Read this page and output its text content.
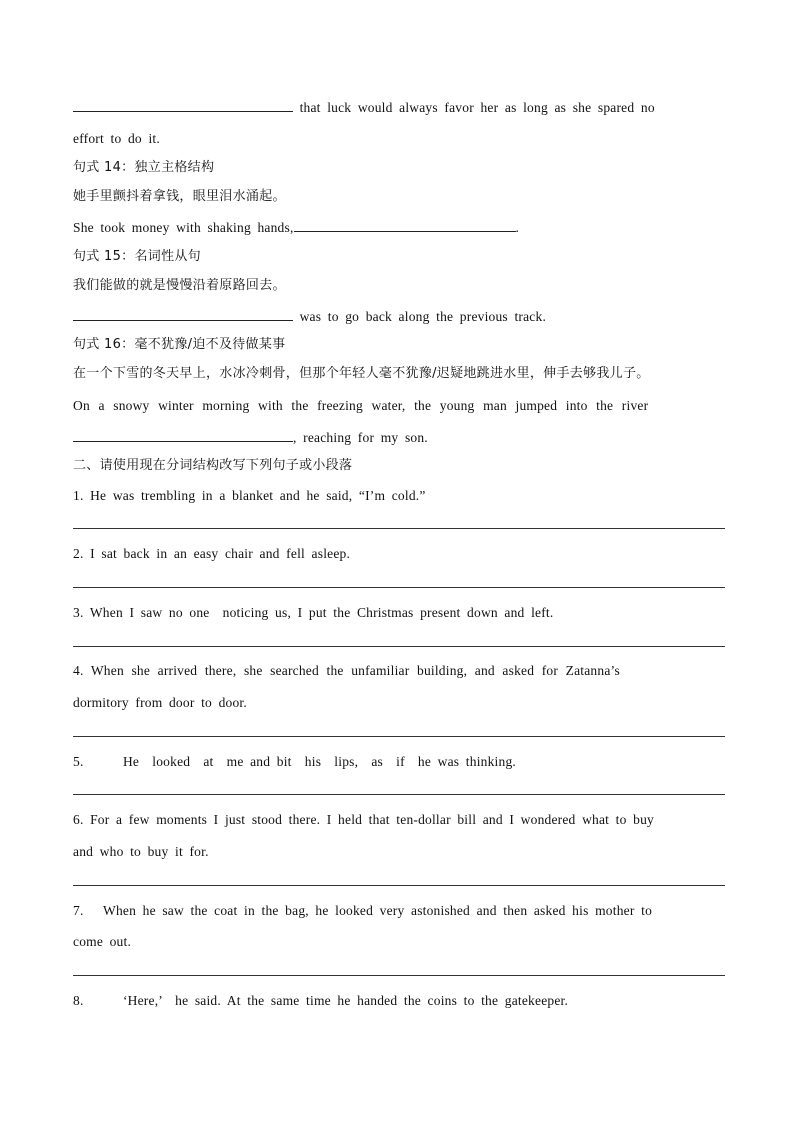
that luck would always favor her as long as she spared no
effort to do it.
句式 14：独立主格结构
她手里颤抖着拿钱，眼里泪水涌起。
She took money with shaking hands,	.
句式 15：名词性从句
我们能做的就是慢慢沿着原路回去。
was to go back along the previous track.
句式 16：毫不犹豫/迫不及待做某事
在一个下雪的冬天早上，水冰冷刺骨，但那个年轻人毫不犹豫/迟疑地跳进水里，伸手去够我儿子。
On a snowy winter morning with the freezing water, the young man jumped into the river
, reaching for my son.
二、请使用现在分词结构改写下列句子或小段落
1. He was trembling in a blanket and he said, “I’m cold.”
2. I sat back in an easy chair and fell asleep.
3. When I saw no one  noticing us, I put the Christmas present down and left.
4. When she arrived there, she searched the unfamiliar building, and asked for Zatanna’s
dormitory from door to door.
5.      He  looked  at  me and bit  his  lips,  as  if  he was thinking.
6. For a few moments I just stood there. I held that ten-dollar bill and I wondered what to buy
and who to buy it for.
7.   When he saw the coat in the bag, he looked very astonished and then asked his mother to
come out.
8.      ‘Here,’  he said. At the same time he handed the coins to the gatekeeper.
